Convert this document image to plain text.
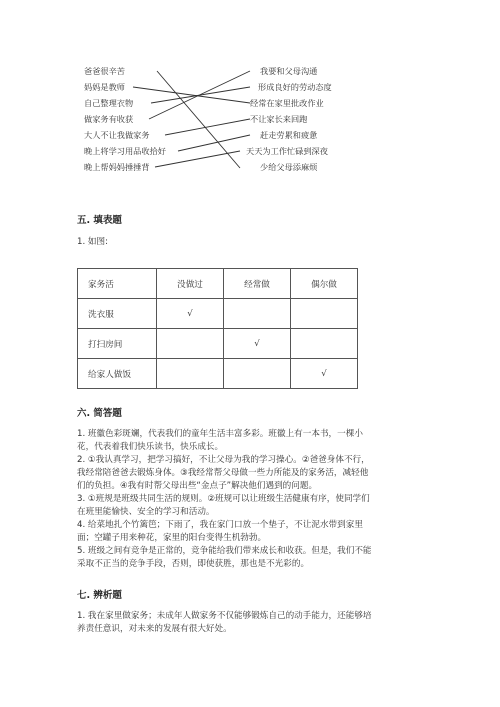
爸爸很辛苦
妈妈是教师
自己整理衣物
做家务有收获
大人不让我做家务
晚上将学习用品收拾好
晚上帮妈妈捶捶背
我要和父母沟通
形成良好的劳动态度
经常在家里批改作业
不让家长来回跑
赶走劳累和疲惫
天天为工作忙碌到深夜
少给父母添麻烦
五. 填表题
1. 如图:
家务活	没做过	经常做	偶尔做
洗衣服	√		
打扫房间		√	
给家人做饭			√
六. 简答题
1. 班徽色彩斑斓，代表我们的童年生活丰富多彩。班徽上有一本书，一棵小
花，代表着我们快乐读书，快乐成长。
2. ①我认真学习，把学习搞好，不让父母为我的学习操心。②爸爸身体不行，
我经常陪爸爸去锻炼身体。③我经常帮父母做一些力所能及的家务活，减轻他
们的负担。④我有时帮父母出些“金点子”解决他们遇到的问题。
3. ①班规是班级共同生活的规则。②班规可以让班级生活健康有序，使同学们
在班里能愉快、安全的学习和活动。
4. 给菜地扎个竹篱笆；下雨了，我在家门口放一个垫子，不让泥水带到家里
面；空罐子用来种花，家里的阳台变得生机勃勃。
5. 班级之间有竞争是正常的，竞争能给我们带来成长和收获。但是，我们不能
采取不正当的竞争手段，否则，即使获胜，那也是不光彩的。
七. 辨析题
1. 我在家里做家务；未成年人做家务不仅能够锻炼自己的动手能力，还能够培
养责任意识，对未来的发展有很大好处。
